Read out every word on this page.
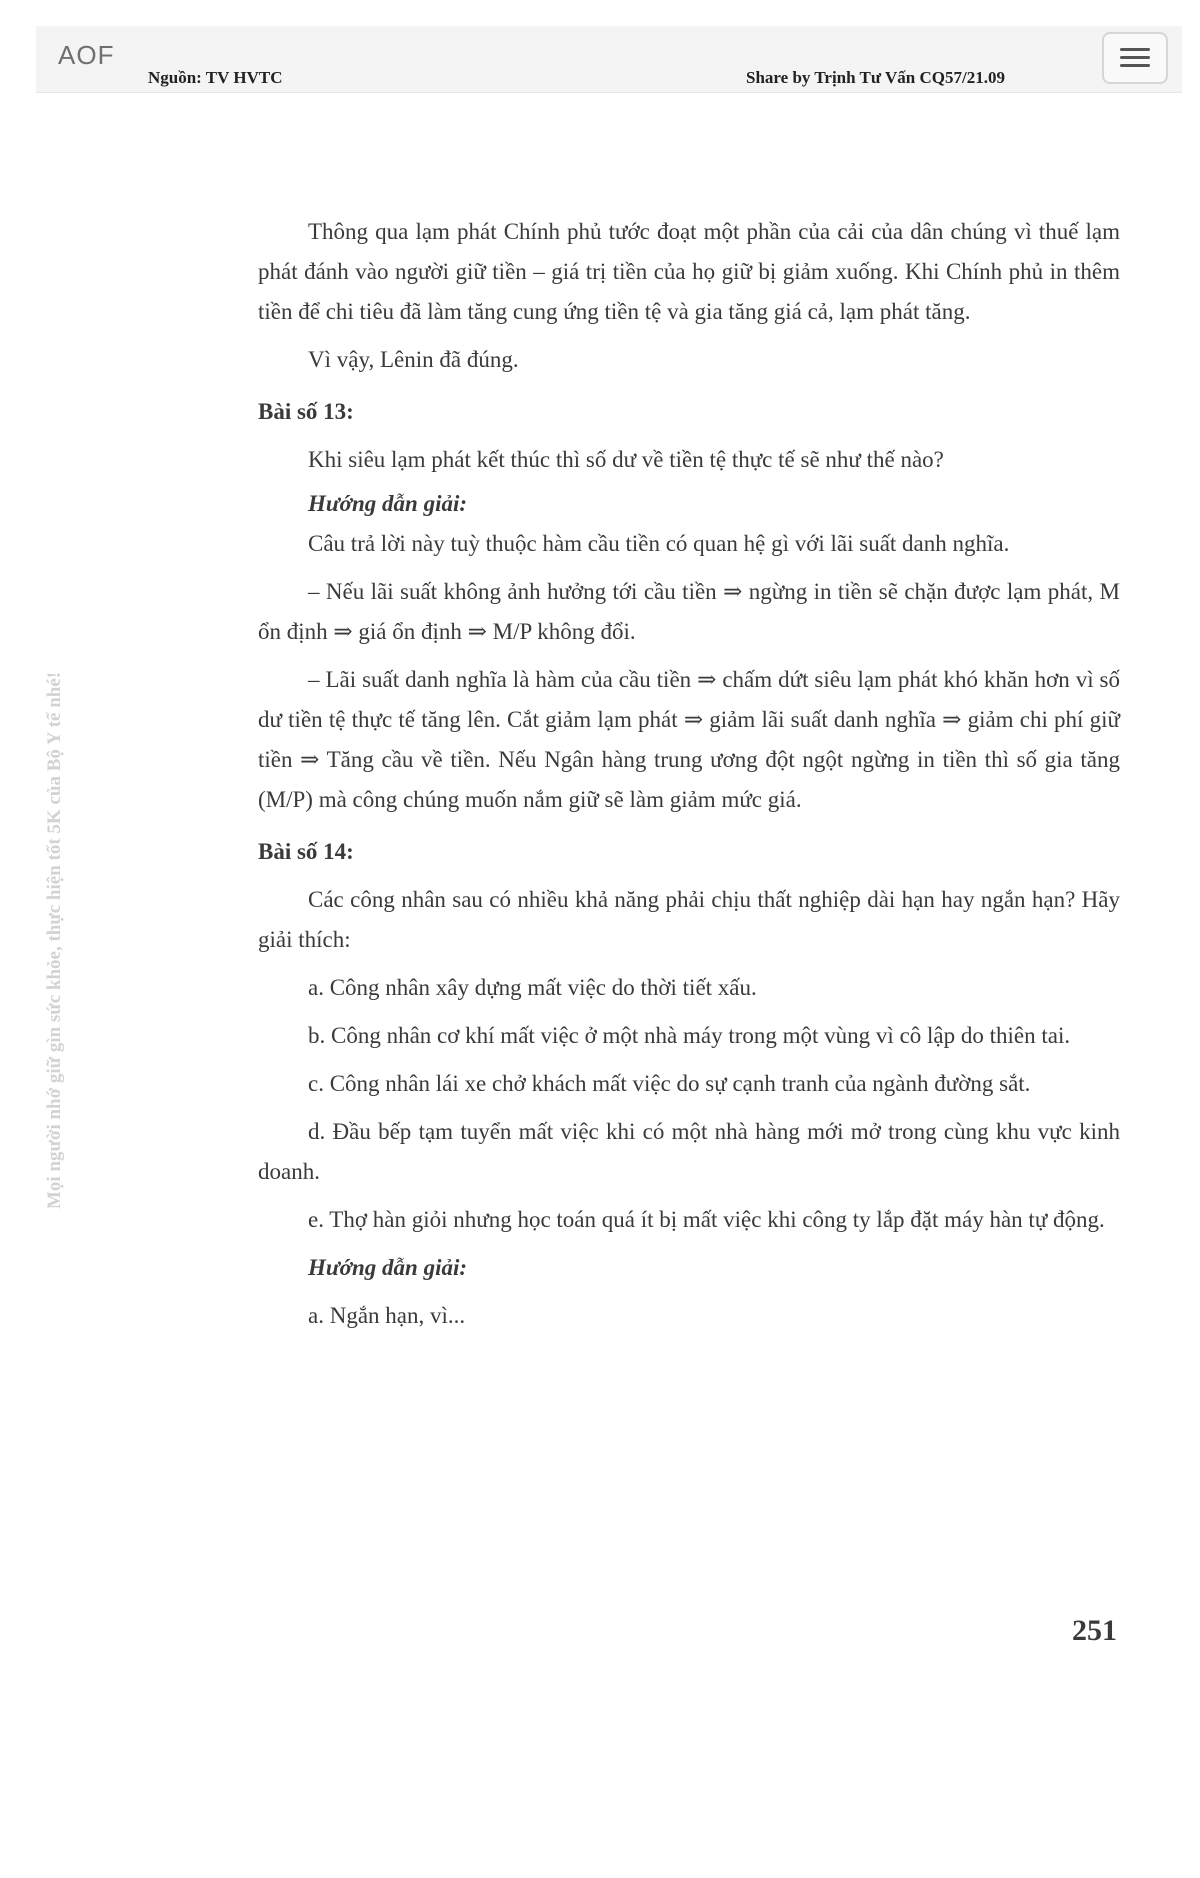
AOF
Nguồn: TV HVTC	Share by Trịnh Tư Vấn CQ57/21.09
Mọi người nhớ giữ gìn sức khỏe, thực hiện tốt 5K của Bộ Y tế nhé!

Thông qua lạm phát Chính phủ tước đoạt một phần của cải của dân chúng vì thuế lạm phát đánh vào người giữ tiền – giá trị tiền của họ giữ bị giảm xuống. Khi Chính phủ in thêm tiền để chi tiêu đã làm tăng cung ứng tiền tệ và gia tăng giá cả, lạm phát tăng.

Vì vậy, Lênin đã đúng.

Bài số 13:

Khi siêu lạm phát kết thúc thì số dư về tiền tệ thực tế sẽ như thế nào?

Hướng dẫn giải:

Câu trả lời này tuỳ thuộc hàm cầu tiền có quan hệ gì với lãi suất danh nghĩa.

– Nếu lãi suất không ảnh hưởng tới cầu tiền ⇒ ngừng in tiền sẽ chặn được lạm phát, M ổn định ⇒ giá ổn định ⇒ M/P không đổi.

– Lãi suất danh nghĩa là hàm của cầu tiền ⇒ chấm dứt siêu lạm phát khó khăn hơn vì số dư tiền tệ thực tế tăng lên. Cắt giảm lạm phát ⇒ giảm lãi suất danh nghĩa ⇒ giảm chi phí giữ tiền ⇒ Tăng cầu về tiền. Nếu Ngân hàng trung ương đột ngột ngừng in tiền thì số gia tăng (M/P) mà công chúng muốn nắm giữ sẽ làm giảm mức giá.

Bài số 14:

Các công nhân sau có nhiều khả năng phải chịu thất nghiệp dài hạn hay ngắn hạn? Hãy giải thích:

a. Công nhân xây dựng mất việc do thời tiết xấu.

b. Công nhân cơ khí mất việc ở một nhà máy trong một vùng vì cô lập do thiên tai.

c. Công nhân lái xe chở khách mất việc do sự cạnh tranh của ngành đường sắt.

d. Đầu bếp tạm tuyển mất việc khi có một nhà hàng mới mở trong cùng khu vực kinh doanh.

e. Thợ hàn giỏi nhưng học toán quá ít bị mất việc khi công ty lắp đặt máy hàn tự động.

Hướng dẫn giải:

a. Ngắn hạn, vì...

251
